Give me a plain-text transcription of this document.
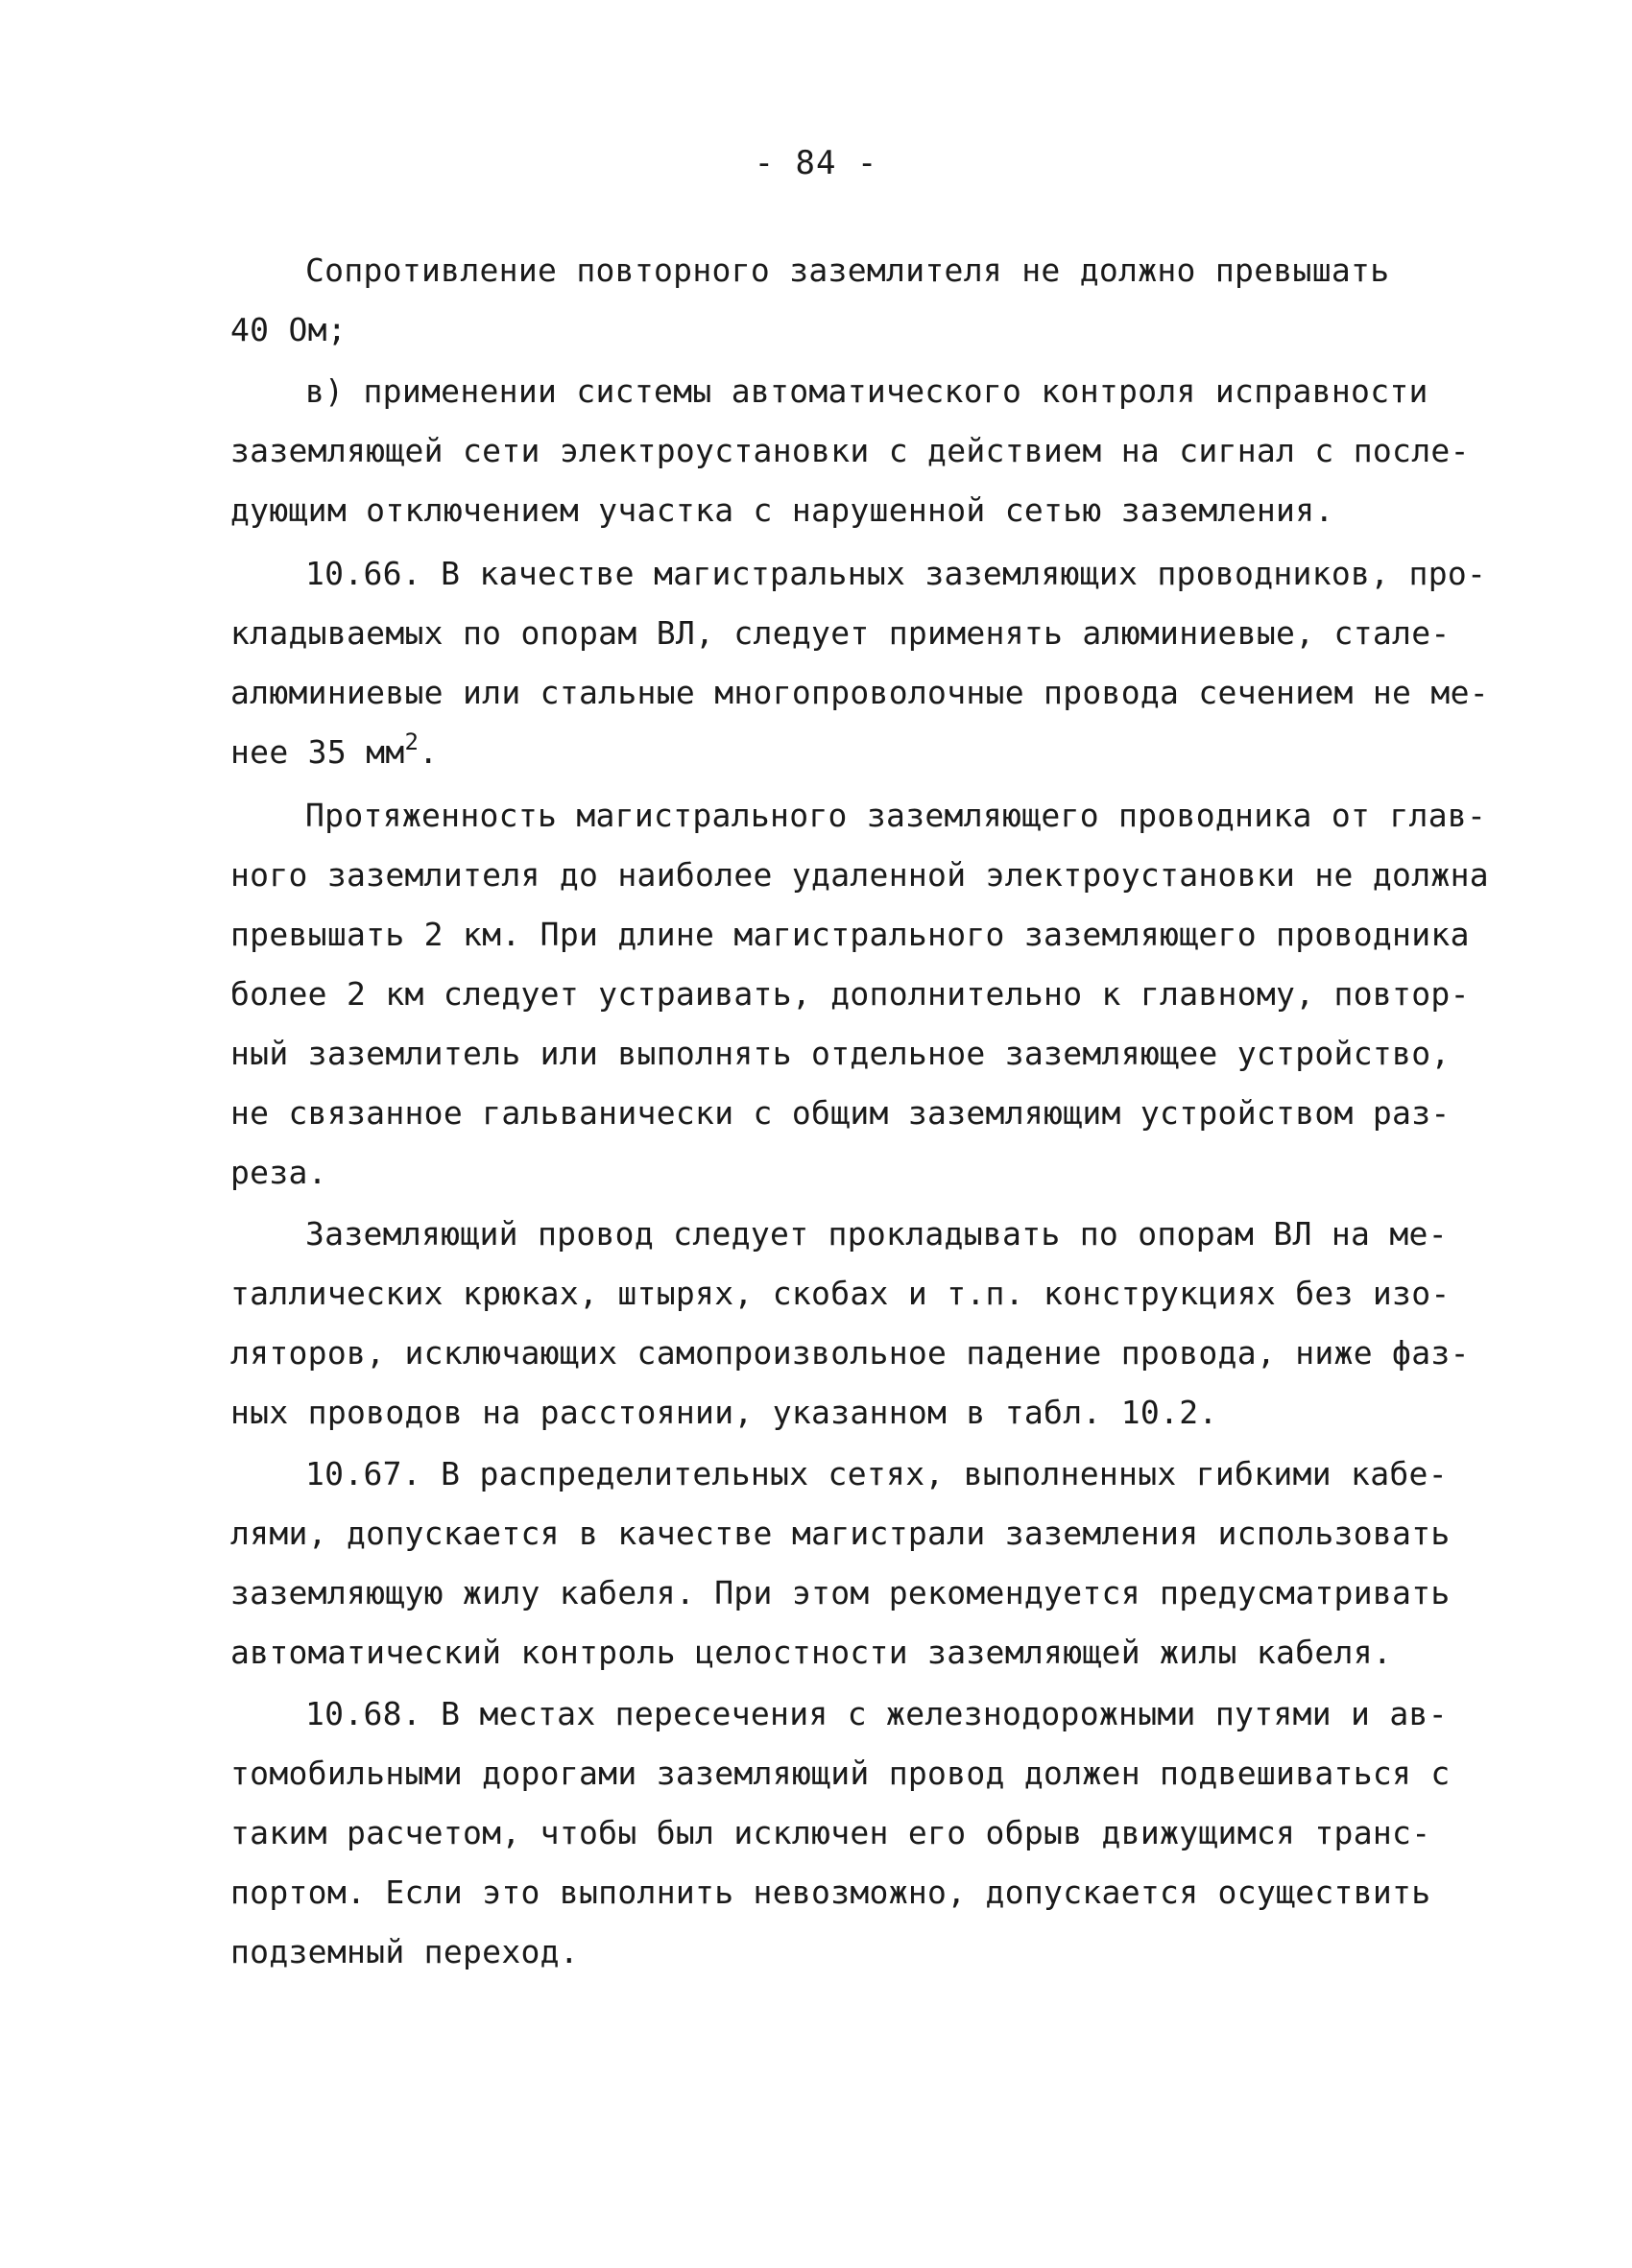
- 84 -
Сопротивление повторного заземлителя не должно превышать
40 Ом;
в) применении системы автоматического контроля исправности
заземляющей сети электроустановки с действием на сигнал с после-
дующим отключением участка с нарушенной сетью заземления.
10.66. В качестве магистральных заземляющих проводников, про-
кладываемых по опорам ВЛ, следует применять алюминиевые, стале-
алюминиевые или стальные многопроволочные провода сечением не ме-
нее 35 $мм^2$.
Протяженность магистрального заземляющего проводника от глав-
ного заземлителя до наиболее удаленной электроустановки не должна
превышать 2 км. При длине магистрального заземляющего проводника
более 2 км следует устраивать, дополнительно к главному, повтор-
ный заземлитель или выполнять отдельное заземляющее устройство,
не связанное гальванически с общим заземляющим устройством раз-
реза.
Заземляющий провод следует прокладывать по опорам ВЛ на ме-
таллических крюках, штырях, скобах и т.п. конструкциях без изо-
ляторов, исключающих самопроизвольное падение провода, ниже фаз-
ных проводов на расстоянии, указанном в табл. 10.2.
10.67. В распределительных сетях, выполненных гибкими кабе-
лями, допускается в качестве магистрали заземления использовать
заземляющую жилу кабеля. При этом рекомендуется предусматривать
автоматический контроль целостности заземляющей жилы кабеля.
10.68. В местах пересечения с железнодорожными путями и ав-
томобильными дорогами заземляющий провод должен подвешиваться с
таким расчетом, чтобы был исключен его обрыв движущимся транс-
портом. Если это выполнить невозможно, допускается осуществить
подземный переход.
